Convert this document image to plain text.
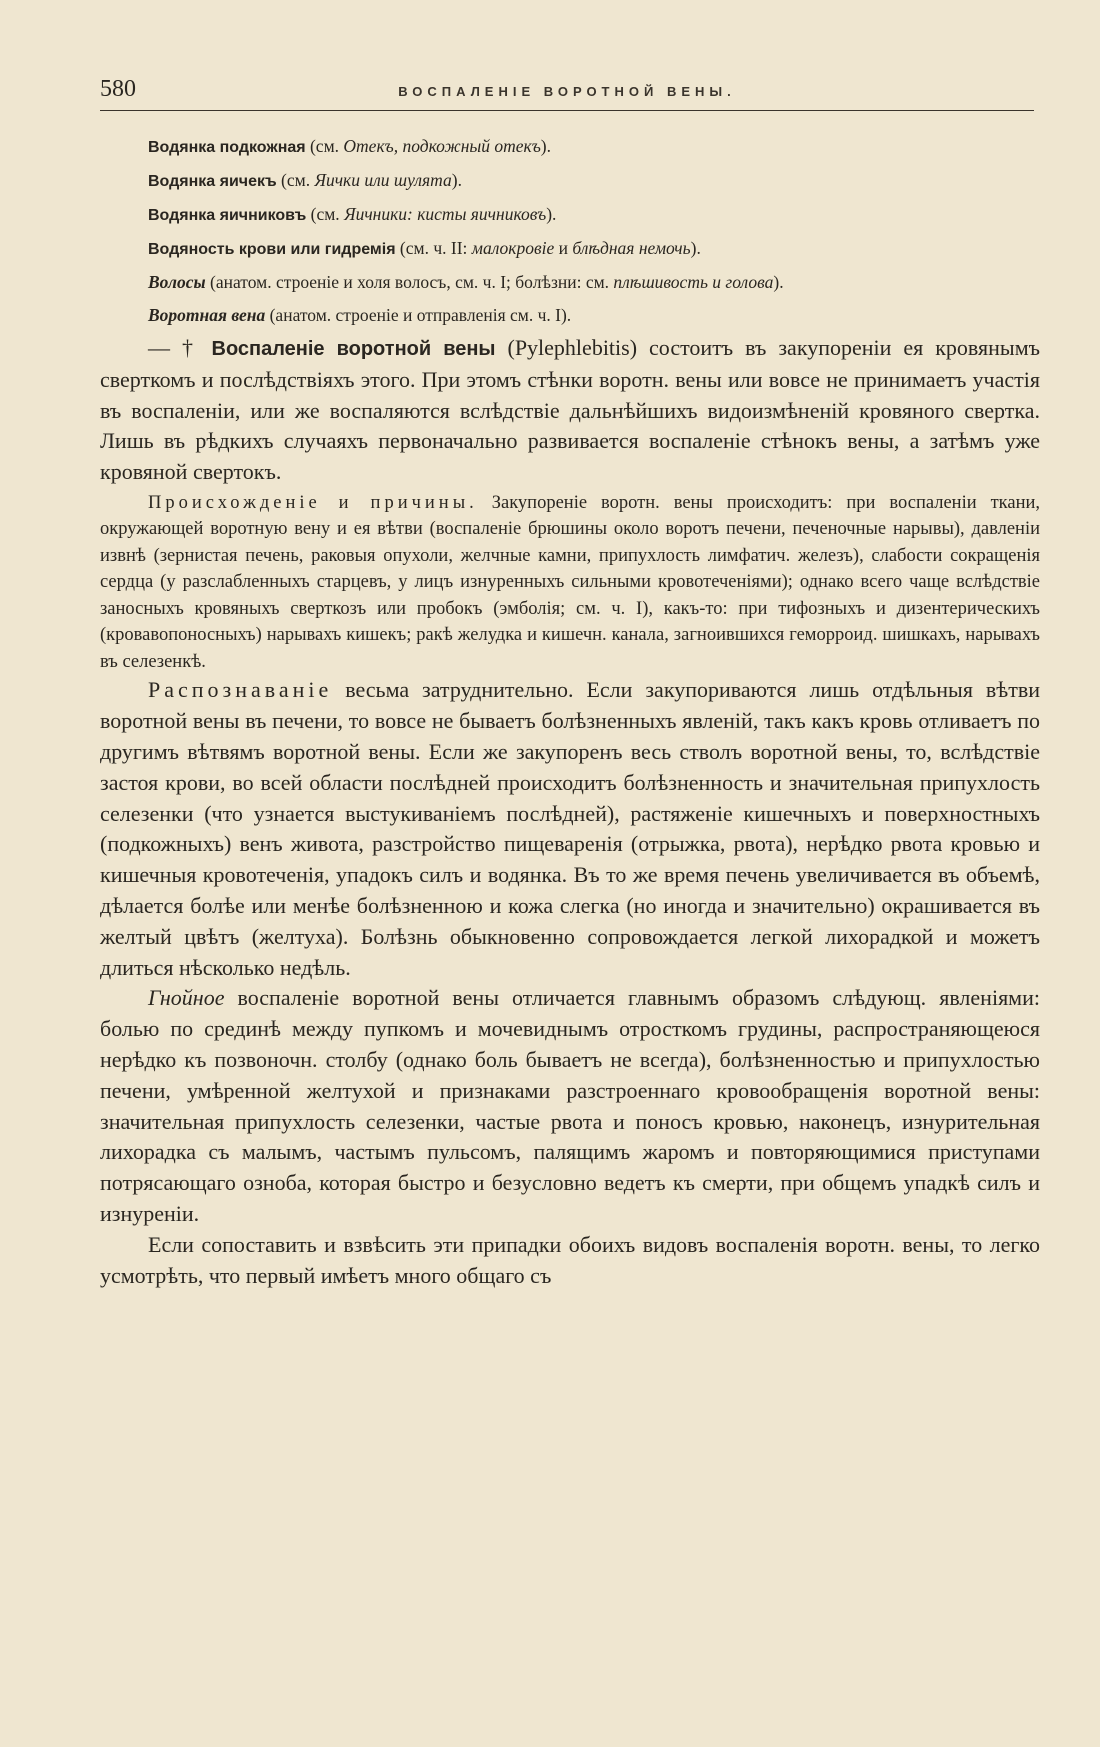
580	ВОСПАЛЕНІЕ ВОРОТНОЙ ВЕНЫ.

Водянка подкожная (см. Отекъ, подкожный отекъ).

Водянка яичекъ (см. Яички или шулята).

Водянка яичниковъ (см. Яичники: кисты яичниковъ).

Водяность крови или гидремія (см. ч. II: малокровіе и блѣдная немочь).

Волосы (анатом. строеніе и холя волосъ, см. ч. I; болѣзни: см. плѣшивость и голова).

Воротная вена (анатом. строеніе и отправленія см. ч. I).

— † Воспаленіе воротной вены (Pylephlebitis) состоитъ въ закупореніи ея кровянымъ сверткомъ и послѣдствіяхъ этого. При этомъ стѣнки воротн. вены или вовсе не принимаетъ участія въ воспаленіи, или же воспаляются вслѣдствіе дальнѣйшихъ видоизмѣненій кровяного свертка. Лишь въ рѣдкихъ случаяхъ первоначально развивается воспаленіе стѣнокъ вены, а затѣмъ уже кровяной свертокъ.

Происхожденіе и причины. Закупореніе воротн. вены происходитъ: при воспаленіи ткани, окружающей воротную вену и ея вѣтви (воспаленіе брюшины около воротъ печени, печеночные нарывы), давленіи извнѣ (зернистая печень, раковыя опухоли, желчные камни, припухлость лимфатич. железъ), слабости сокращенія сердца (у разслабленныхъ старцевъ, у лицъ изнуренныхъ сильными кровотеченіями); однако всего чаще вслѣдствіе заносныхъ кровяныхъ сверткозъ или пробокъ (эмболія; см. ч. I), какъ-то: при тифозныхъ и дизентерическихъ (кровавопоносныхъ) нарывахъ кишекъ; ракѣ желудка и кишечн. канала, загноившихся геморроид. шишкахъ, нарывахъ въ селезенкѣ.

Распознаваніе весьма затруднительно. Если закупориваются лишь отдѣльныя вѣтви воротной вены въ печени, то вовсе не бываетъ болѣзненныхъ явленій, такъ какъ кровь отливаетъ по другимъ вѣтвямъ воротной вены. Если же закупоренъ весь стволъ воротной вены, то, вслѣдствіе застоя крови, во всей области послѣдней происходитъ болѣзненность и значительная припухлость селезенки (что узнается выстукиваніемъ послѣдней), растяженіе кишечныхъ и поверхностныхъ (подкожныхъ) венъ живота, разстройство пищеваренія (отрыжка, рвота), нерѣдко рвота кровью и кишечныя кровотеченія, упадокъ силъ и водянка. Въ то же время печень увеличивается въ объемѣ, дѣлается болѣе или менѣе болѣзненною и кожа слегка (но иногда и значительно) окрашивается въ желтый цвѣтъ (желтуха). Болѣзнь обыкновенно сопровождается легкой лихорадкой и можетъ длиться нѣсколько недѣль.

Гнойное воспаленіе воротной вены отличается главнымъ образомъ слѣдующ. явленіями: болью по срединѣ между пупкомъ и мочевиднымъ отросткомъ грудины, распространяющеюся нерѣдко къ позвоночн. столбу (однако боль бываетъ не всегда), болѣзненностью и припухлостью печени, умѣренной желтухой и признаками разстроеннаго кровообращенія воротной вены: значительная припухлость селезенки, частые рвота и поносъ кровью, наконецъ, изнурительная лихорадка съ малымъ, частымъ пульсомъ, палящимъ жаромъ и повторяющимися приступами потрясающаго озноба, которая быстро и безусловно ведетъ къ смерти, при общемъ упадкѣ силъ и изнуреніи.

Если сопоставить и взвѣсить эти припадки обоихъ видовъ воспаленія воротн. вены, то легко усмотрѣть, что первый имѣетъ много общаго съ
